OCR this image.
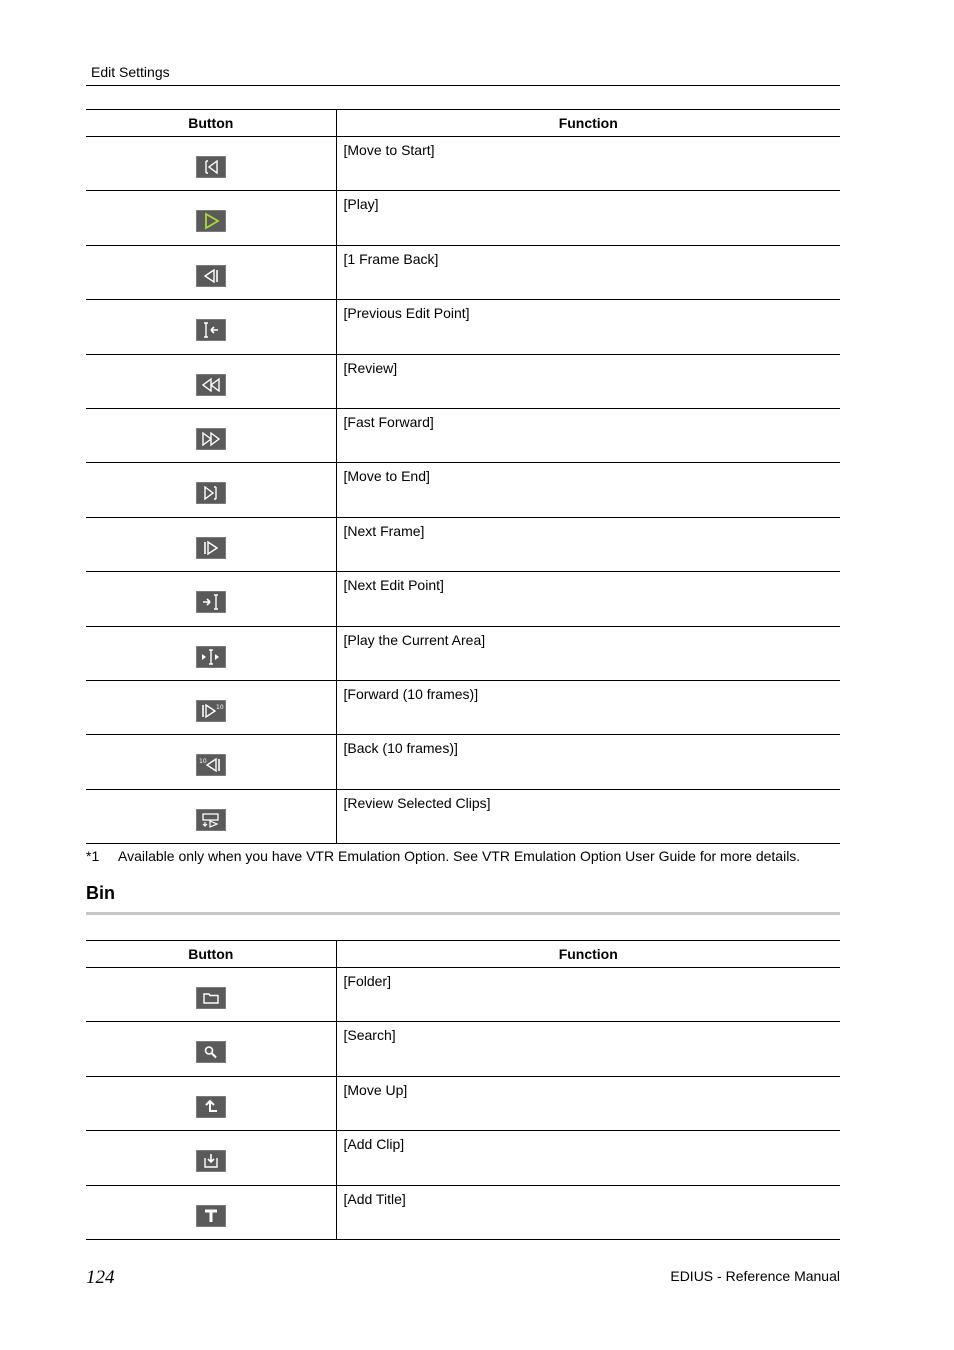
Edit Settings
Button	Function

	[Move to Start]

	[Play]

	[1 Frame Back]

	[Previous Edit Point]

	[Review]

	[Fast Forward]

	[Move to End]

	[Next Frame]

	[Next Edit Point]

	[Play the Current Area]

10	[Forward (10 frames)]

10	[Back (10 frames)]

	[Review Selected Clips]
*1 Available only when you have VTR Emulation Option. See VTR Emulation Option User Guide for more details.
Bin
Button	Function

	[Folder]

	[Search]

	[Move Up]

	[Add Clip]

	[Add Title]
124	EDIUS - Reference Manual
